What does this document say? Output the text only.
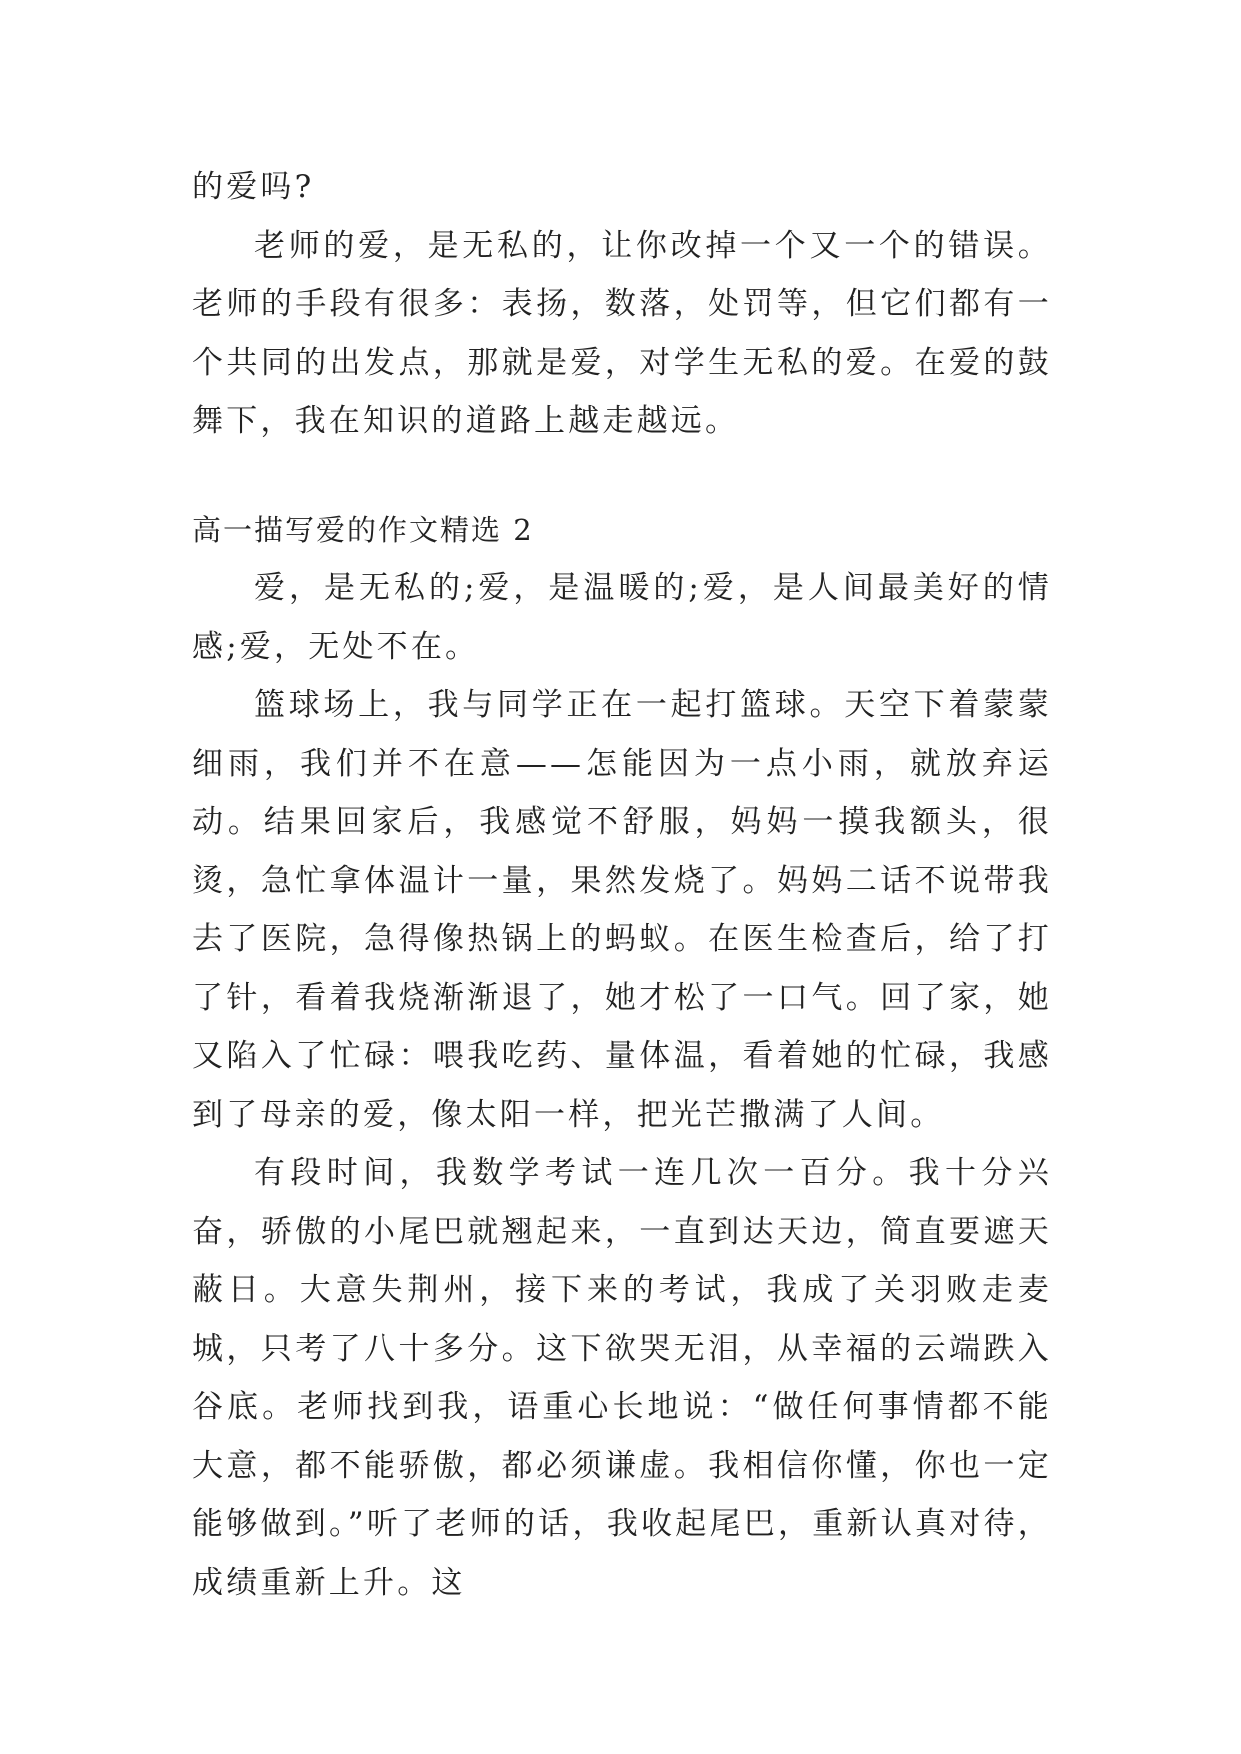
的爱吗?

老师的爱，是无私的，让你改掉一个又一个的错误。老师的手段有很多：表扬，数落，处罚等，但它们都有一个共同的出发点，那就是爱，对学生无私的爱。在爱的鼓舞下，我在知识的道路上越走越远。

高一描写爱的作文精选 2

爱，是无私的;爱，是温暖的;爱，是人间最美好的情感;爱，无处不在。

篮球场上，我与同学正在一起打篮球。天空下着蒙蒙细雨，我们并不在意——怎能因为一点小雨，就放弃运动。结果回家后，我感觉不舒服，妈妈一摸我额头，很烫，急忙拿体温计一量，果然发烧了。妈妈二话不说带我去了医院，急得像热锅上的蚂蚁。在医生检查后，给了打了针，看着我烧渐渐退了，她才松了一口气。回了家，她又陷入了忙碌：喂我吃药、量体温，看着她的忙碌，我感到了母亲的爱，像太阳一样，把光芒撒满了人间。

有段时间，我数学考试一连几次一百分。我十分兴奋，骄傲的小尾巴就翘起来，一直到达天边，简直要遮天蔽日。大意失荆州，接下来的考试，我成了关羽败走麦城，只考了八十多分。这下欲哭无泪，从幸福的云端跌入谷底。老师找到我，语重心长地说：“做任何事情都不能大意，都不能骄傲，都必须谦虚。我相信你懂，你也一定能够做到。”听了老师的话，我收起尾巴，重新认真对待，成绩重新上升。这
